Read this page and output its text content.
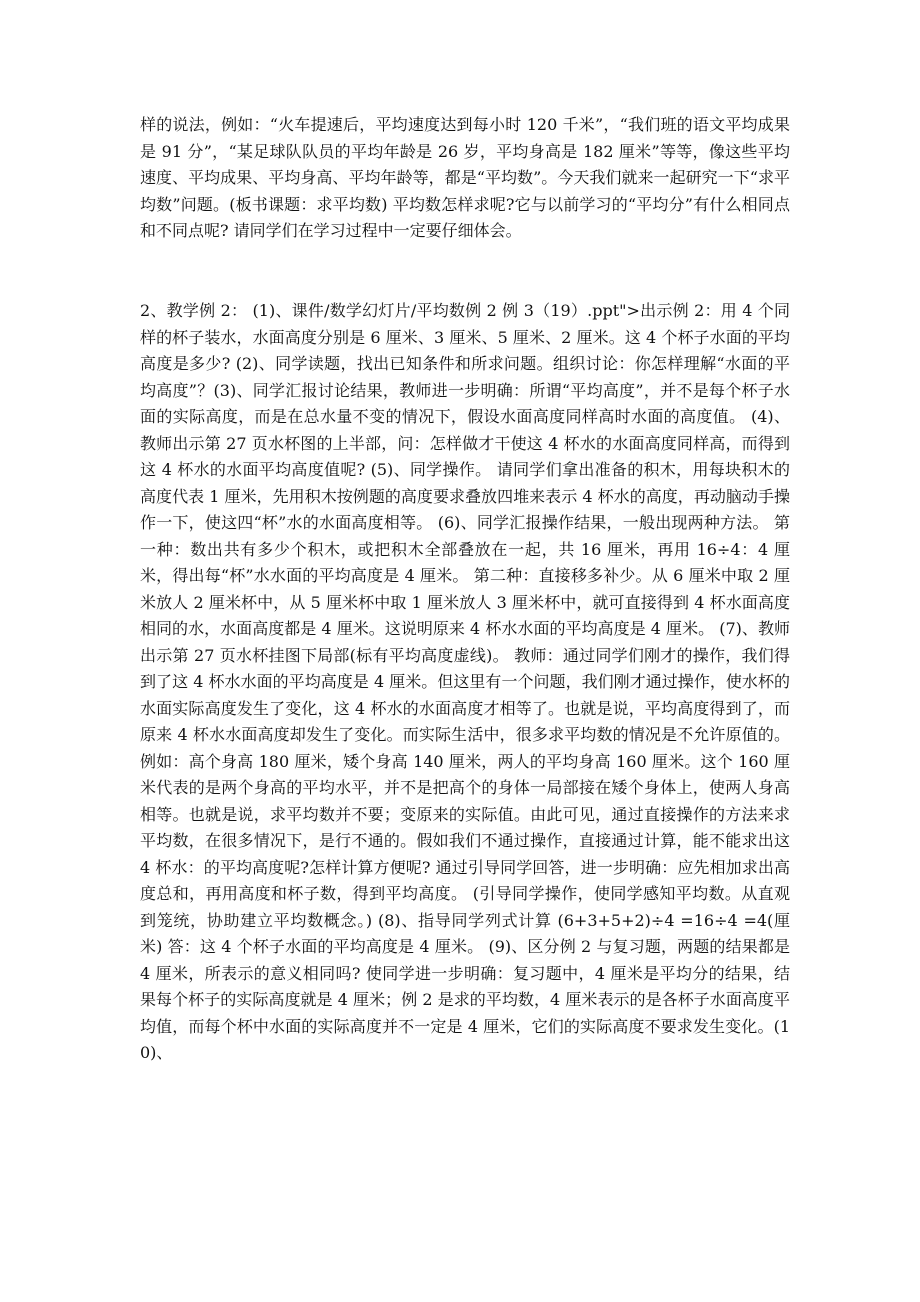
样的说法，例如：“火车提速后，平均速度达到每小时 120 千米”，“我们班的语文平均成果是 91 分”，“某足球队队员的平均年龄是 26 岁，平均身高是 182 厘米”等等，像这些平均速度、平均成果、平均身高、平均年龄等，都是“平均数”。今天我们就来一起研究一下“求平均数”问题。(板书课题：求平均数) 平均数怎样求呢?它与以前学习的“平均分”有什么相同点和不同点呢? 请同学们在学习过程中一定要仔细体会。

2、教学例 2： (1)、课件/数学幻灯片/平均数例 2 例 3（19）.ppt">出示例 2：用 4 个同样的杯子装水，水面高度分别是 6 厘米、3 厘米、5 厘米、2 厘米。这 4 个杯子水面的平均高度是多少? (2)、同学读题，找出已知条件和所求问题。组织讨论：你怎样理解“水面的平均高度”？(3)、同学汇报讨论结果，教师进一步明确：所谓“平均高度”，并不是每个杯子水面的实际高度，而是在总水量不变的情况下，假设水面高度同样高时水面的高度值。 (4)、教师出示第 27 页水杯图的上半部，问：怎样做才干使这 4 杯水的水面高度同样高，而得到这 4 杯水的水面平均高度值呢? (5)、同学操作。 请同学们拿出准备的积木，用每块积木的高度代表 1 厘米，先用积木按例题的高度要求叠放四堆来表示 4 杯水的高度，再动脑动手操作一下，使这四“杯”水的水面高度相等。 (6)、同学汇报操作结果，一般出现两种方法。 第一种：数出共有多少个积木，或把积木全部叠放在一起，共 16 厘米，再用 16÷4：4 厘米，得出每“杯”水水面的平均高度是 4 厘米。 第二种：直接移多补少。从 6 厘米中取 2 厘米放人 2 厘米杯中，从 5 厘米杯中取 1 厘米放人 3 厘米杯中，就可直接得到 4 杯水面高度相同的水，水面高度都是 4 厘米。这说明原来 4 杯水水面的平均高度是 4 厘米。 (7)、教师出示第 27 页水杯挂图下局部(标有平均高度虚线)。 教师：通过同学们刚才的操作，我们得到了这 4 杯水水面的平均高度是 4 厘米。但这里有一个问题，我们刚才通过操作，使水杯的水面实际高度发生了变化，这 4 杯水的水面高度才相等了。也就是说，平均高度得到了，而原来 4 杯水水面高度却发生了变化。而实际生活中，很多求平均数的情况是不允许原值的。例如：高个身高 180 厘米，矮个身高 140 厘米，两人的平均身高 160 厘米。这个 160 厘米代表的是两个身高的平均水平，并不是把高个的身体一局部接在矮个身体上，使两人身高相等。也就是说，求平均数并不要；变原来的实际值。由此可见，通过直接操作的方法来求平均数，在很多情况下，是行不通的。假如我们不通过操作，直接通过计算，能不能求出这 4 杯水：的平均高度呢?怎样计算方便呢? 通过引导同学回答，进一步明确：应先相加求出高度总和，再用高度和杯子数，得到平均高度。 (引导同学操作，使同学感知平均数。从直观到笼统，协助建立平均数概念。) (8)、指导同学列式计算 (6+3+5+2)÷4 =16÷4 =4(厘米) 答：这 4 个杯子水面的平均高度是 4 厘米。 (9)、区分例 2 与复习题，两题的结果都是 4 厘米，所表示的意义相同吗? 使同学进一步明确：复习题中，4 厘米是平均分的结果，结果每个杯子的实际高度就是 4 厘米；例 2 是求的平均数，4 厘米表示的是各杯子水面高度平均值，而每个杯中水面的实际高度并不一定是 4 厘米，它们的实际高度不要求发生变化。(10)、
